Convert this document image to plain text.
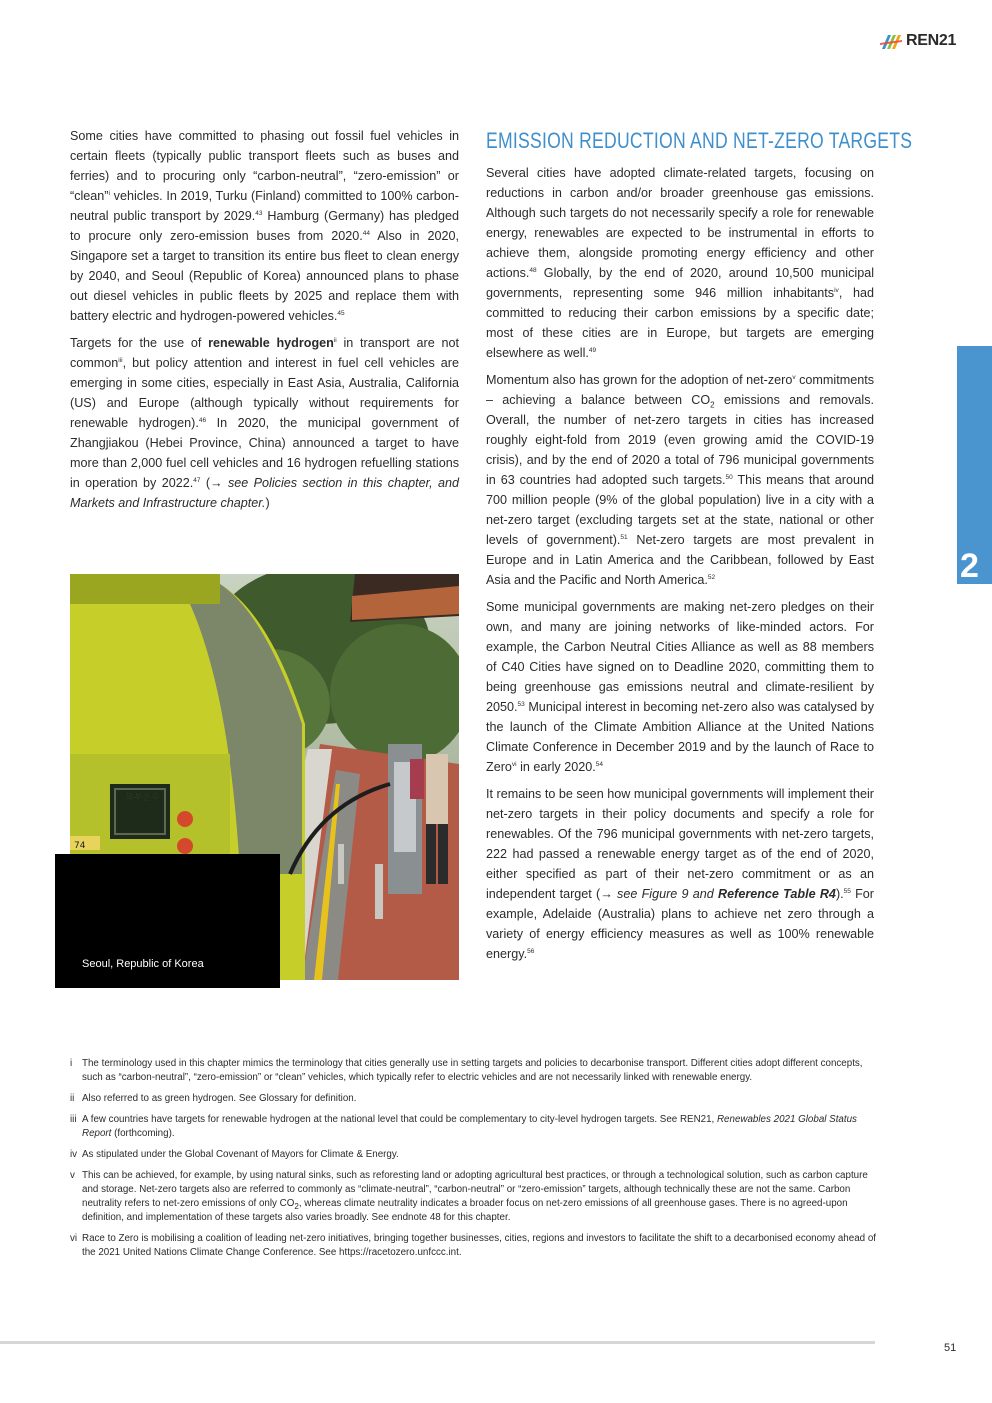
REN21

Some cities have committed to phasing out fossil fuel vehicles in certain fleets (typically public transport fleets such as buses and ferries) and to procuring only “carbon-neutral”, “zero-emission” or “clean”$^i$ vehicles. In 2019, Turku (Finland) committed to 100% carbon-neutral public transport by 2029.43 Hamburg (Germany) has pledged to procure only zero-emission buses from 2020.44 Also in 2020, Singapore set a target to transition its entire bus fleet to clean energy by 2040, and Seoul (Republic of Korea) announced plans to phase out diesel vehicles in public fleets by 2025 and replace them with battery electric and hydrogen-powered vehicles.$^{45}$

Targets for the use of renewable hydrogen$^{ii}$ in transport are not common$^{iii}$, but policy attention and interest in fuel cell vehicles are emerging in some cities, especially in East Asia, Australia, California (US) and Europe (although typically without requirements for renewable hydrogen).$^{46}$ In 2020, the municipal government of Zhangjiakou (Hebei Province, China) announced a target to have more than 2,000 fuel cell vehicles and 16 hydrogen refuelling stations in operation by 2022.47 (→ see Policies section in this chapter, and Markets and Infrastructure chapter.)

북부운수
74
Seoul, Republic of Korea
EMISSION REDUCTION AND NET-ZERO TARGETS

Several cities have adopted climate-related targets, focusing on reductions in carbon and/or broader greenhouse gas emissions. Although such targets do not necessarily specify a role for renewable energy, renewables are expected to be instrumental in efforts to achieve them, alongside promoting energy efficiency and other actions.$^{48}$ Globally, by the end of 2020, around 10,500 municipal governments, representing some 946 million inhabitants$^{iv}$, had committed to reducing their carbon emissions by a specific date; most of these cities are in Europe, but targets are emerging elsewhere as well.$^{49}$

Momentum also has grown for the adoption of net-zero$^v$ commitments – achieving a balance between $CO_2$ emissions and removals. Overall, the number of net-zero targets in cities has increased roughly eight-fold from 2019 (even growing amid the COVID-19 crisis), and by the end of 2020 a total of 796 municipal governments in 63 countries had adopted such targets.$^{50}$ This means that around 700 million people (9% of the global population) live in a city with a net-zero target (excluding targets set at the state, national or other levels of government).$^{51}$ Net-zero targets are most prevalent in Europe and in Latin America and the Caribbean, followed by East Asia and the Pacific and North America.$^{52}$

Some municipal governments are making net-zero pledges on their own, and many are joining networks of like-minded actors. For example, the Carbon Neutral Cities Alliance as well as 88 members of C40 Cities have signed on to Deadline 2020, committing them to being greenhouse gas emissions neutral and climate-resilient by 2050.53 Municipal interest in becoming net-zero also was catalysed by the launch of the Climate Ambition Alliance at the United Nations Climate Conference in December 2019 and by the launch of Race to Zero$^{vi}$ in early 2020.54

It remains to be seen how municipal governments will implement their net-zero targets in their policy documents and specify a role for renewables. Of the 796 municipal governments with net-zero targets, 222 had passed a renewable energy target as of the end of 2020, either specified as part of their net-zero commitment or as an independent target (→ see Figure 9 and Reference Table R4).$^{55}$ For example, Adelaide (Australia) plans to achieve net zero through a variety of energy efficiency measures as well as 100% renewable energy.$^{56}$

2
i	The terminology used in this chapter mimics the terminology that cities generally use in setting targets and policies to decarbonise transport. Different cities adopt different concepts, such as “carbon-neutral”, “zero-emission” or “clean” vehicles, which typically refer to electric vehicles and are not necessarily linked with renewable energy.
ii Also referred to as green hydrogen. See Glossary for definition.
iii A few countries have targets for renewable hydrogen at the national level that could be complementary to city-level hydrogen targets. See REN21, Renewables 2021 Global Status Report (forthcoming).
iv As stipulated under the Global Covenant of Mayors for Climate & Energy.
v This can be achieved, for example, by using natural sinks, such as reforesting land or adopting agricultural best practices, or through a technological solution, such as carbon capture and storage. Net-zero targets also are referred to commonly as “climate-neutral”, “carbon-neutral” or “zero-emission” targets, although technically these are not the same. Carbon neutrality refers to net-zero emissions of only $CO_2$, whereas climate neutrality indicates a broader focus on net-zero emissions of all greenhouse gases. There is no agreed-upon definition, and implementation of these targets also varies broadly. See endnote 48 for this chapter.
vi Race to Zero is mobilising a coalition of leading net-zero initiatives, bringing together businesses, cities, regions and investors to facilitate the shift to a decarbonised economy ahead of the 2021 United Nations Climate Change Conference. See https://racetozero.unfccc.int.
51
